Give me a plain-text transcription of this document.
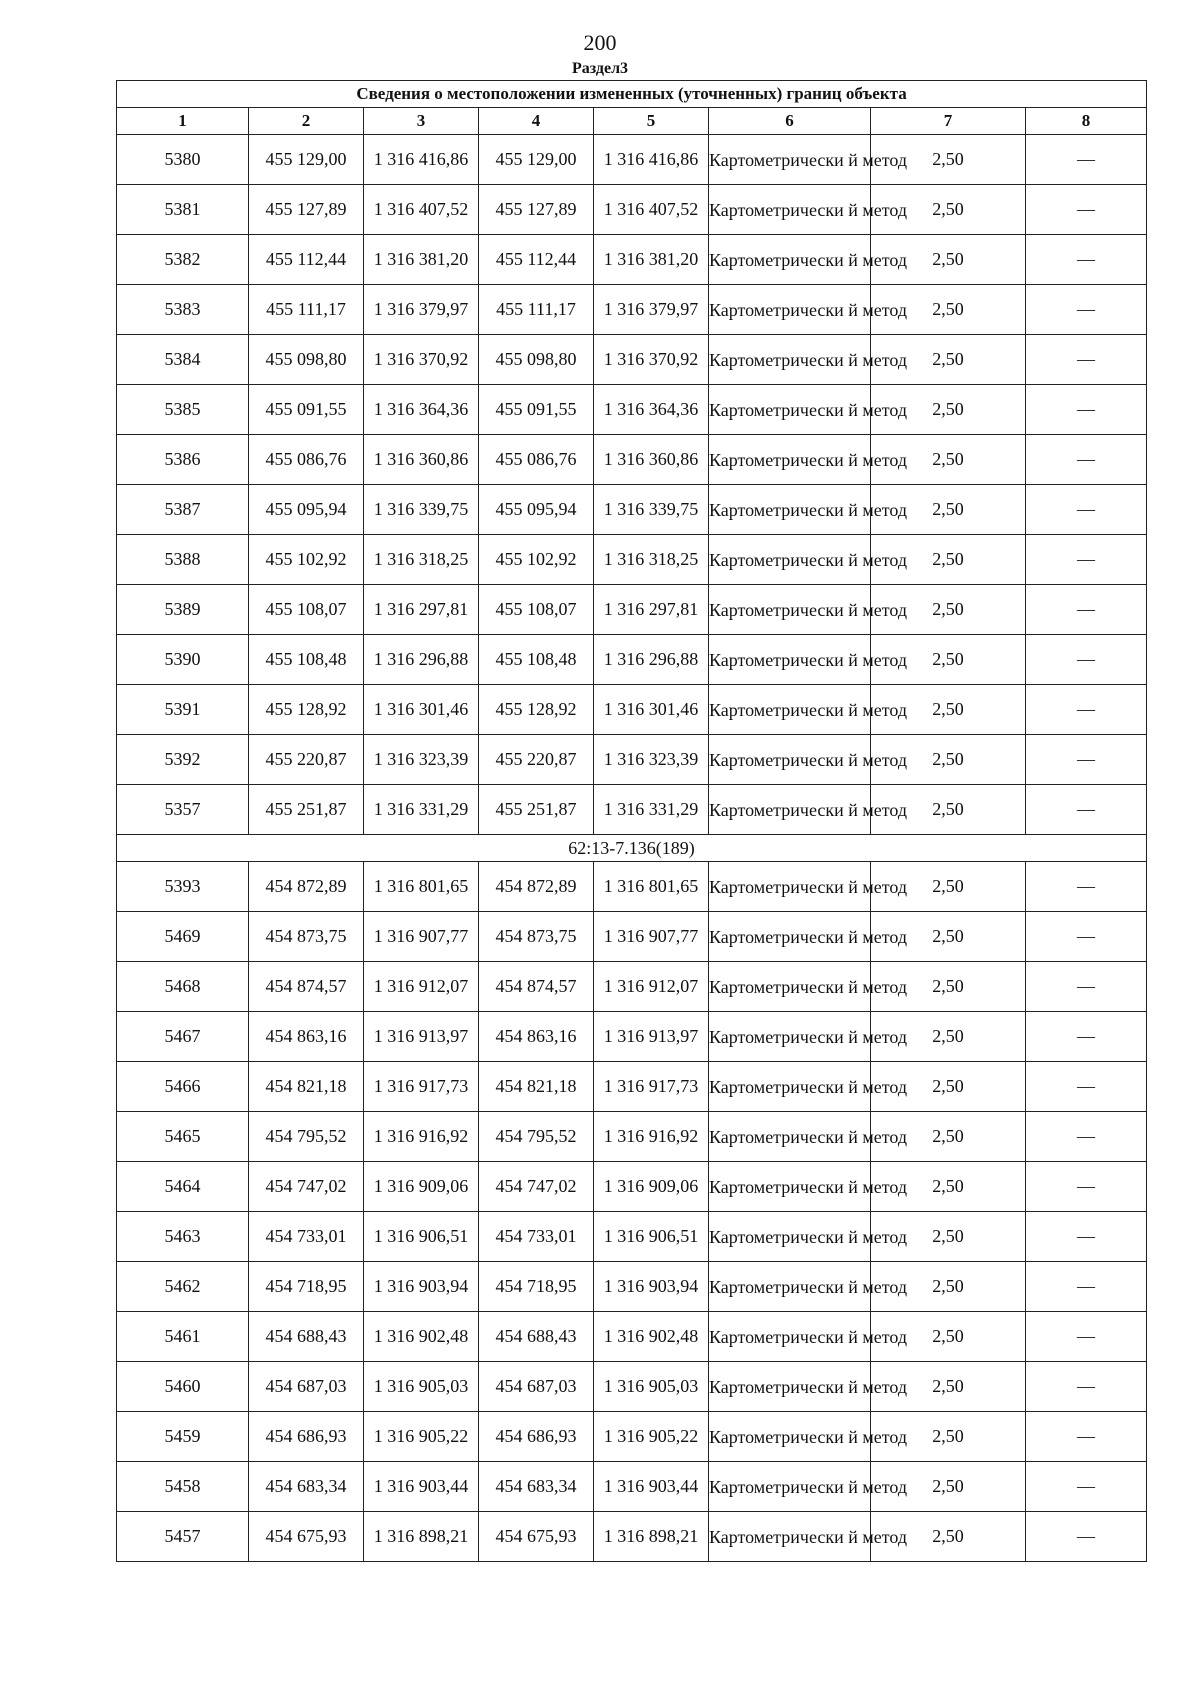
200
Раздел3
Сведения о местоположении измененных (уточненных) границ объекта							
1	2	3	4	5	6	7	8
5380	455 129,00	1 316 416,86	455 129,00	1 316 416,86	Картометрически й метод	2,50	—
5381	455 127,89	1 316 407,52	455 127,89	1 316 407,52	Картометрически й метод	2,50	—
5382	455 112,44	1 316 381,20	455 112,44	1 316 381,20	Картометрически й метод	2,50	—
5383	455 111,17	1 316 379,97	455 111,17	1 316 379,97	Картометрически й метод	2,50	—
5384	455 098,80	1 316 370,92	455 098,80	1 316 370,92	Картометрически й метод	2,50	—
5385	455 091,55	1 316 364,36	455 091,55	1 316 364,36	Картометрически й метод	2,50	—
5386	455 086,76	1 316 360,86	455 086,76	1 316 360,86	Картометрически й метод	2,50	—
5387	455 095,94	1 316 339,75	455 095,94	1 316 339,75	Картометрически й метод	2,50	—
5388	455 102,92	1 316 318,25	455 102,92	1 316 318,25	Картометрически й метод	2,50	—
5389	455 108,07	1 316 297,81	455 108,07	1 316 297,81	Картометрически й метод	2,50	—
5390	455 108,48	1 316 296,88	455 108,48	1 316 296,88	Картометрически й метод	2,50	—
5391	455 128,92	1 316 301,46	455 128,92	1 316 301,46	Картометрически й метод	2,50	—
5392	455 220,87	1 316 323,39	455 220,87	1 316 323,39	Картометрически й метод	2,50	—
5357	455 251,87	1 316 331,29	455 251,87	1 316 331,29	Картометрически й метод	2,50	—
62:13-7.136(189)							
5393	454 872,89	1 316 801,65	454 872,89	1 316 801,65	Картометрически й метод	2,50	—
5469	454 873,75	1 316 907,77	454 873,75	1 316 907,77	Картометрически й метод	2,50	—
5468	454 874,57	1 316 912,07	454 874,57	1 316 912,07	Картометрически й метод	2,50	—
5467	454 863,16	1 316 913,97	454 863,16	1 316 913,97	Картометрически й метод	2,50	—
5466	454 821,18	1 316 917,73	454 821,18	1 316 917,73	Картометрически й метод	2,50	—
5465	454 795,52	1 316 916,92	454 795,52	1 316 916,92	Картометрически й метод	2,50	—
5464	454 747,02	1 316 909,06	454 747,02	1 316 909,06	Картометрически й метод	2,50	—
5463	454 733,01	1 316 906,51	454 733,01	1 316 906,51	Картометрически й метод	2,50	—
5462	454 718,95	1 316 903,94	454 718,95	1 316 903,94	Картометрически й метод	2,50	—
5461	454 688,43	1 316 902,48	454 688,43	1 316 902,48	Картометрически й метод	2,50	—
5460	454 687,03	1 316 905,03	454 687,03	1 316 905,03	Картометрически й метод	2,50	—
5459	454 686,93	1 316 905,22	454 686,93	1 316 905,22	Картометрически й метод	2,50	—
5458	454 683,34	1 316 903,44	454 683,34	1 316 903,44	Картометрически й метод	2,50	—
5457	454 675,93	1 316 898,21	454 675,93	1 316 898,21	Картометрически й метод	2,50	—
